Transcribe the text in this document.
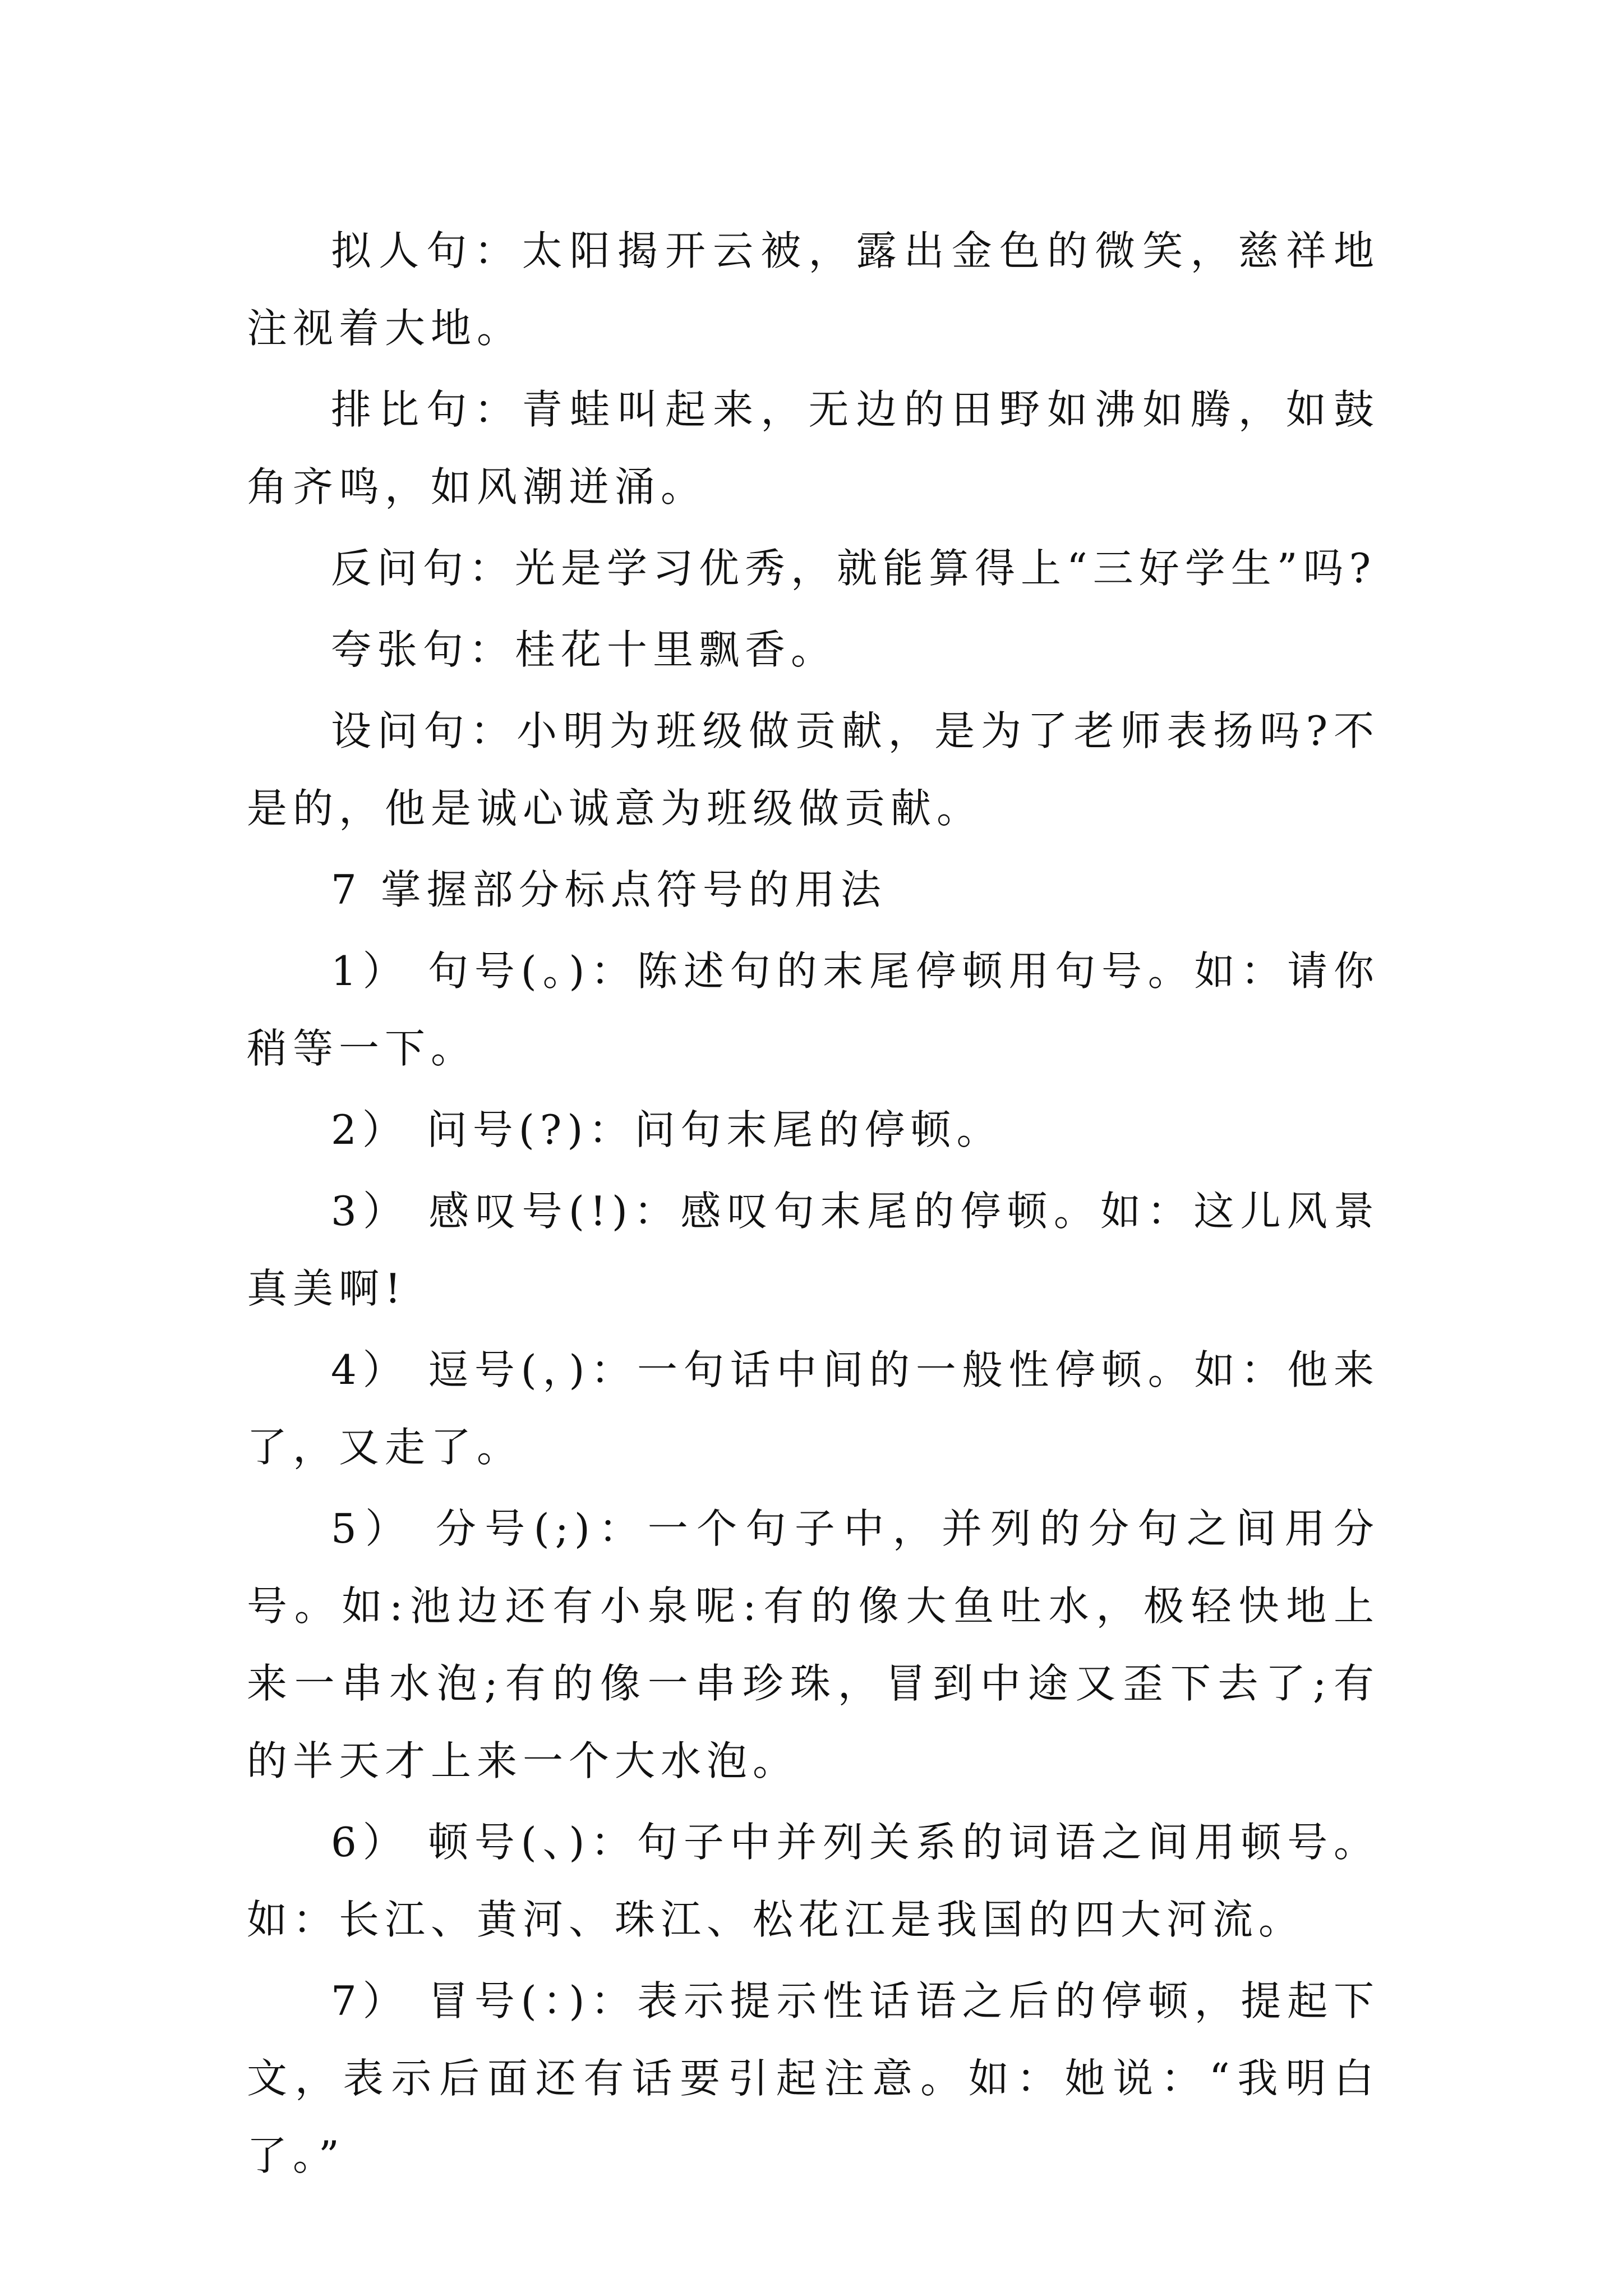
拟人句：太阳揭开云被，露出金色的微笑，慈祥地注视着大地。

排比句：青蛙叫起来，无边的田野如沸如腾，如鼓角齐鸣，如风潮迸涌。

反问句：光是学习优秀，就能算得上“三好学生”吗?

夸张句：桂花十里飘香。

设问句：小明为班级做贡献，是为了老师表扬吗?不是的，他是诚心诚意为班级做贡献。

7 掌握部分标点符号的用法

1） 句号(。)：陈述句的末尾停顿用句号。如：请你稍等一下。

2） 问号(?)：问句末尾的停顿。

3） 感叹号(!)：感叹句末尾的停顿。如：这儿风景真美啊!

4） 逗号(，)：一句话中间的一般性停顿。如：他来了，又走了。

5） 分号(;)：一个句子中，并列的分句之间用分号。如:池边还有小泉呢:有的像大鱼吐水，极轻快地上来一串水泡;有的像一串珍珠，冒到中途又歪下去了;有的半天才上来一个大水泡。

6） 顿号(、)：句子中并列关系的词语之间用顿号。如：长江、黄河、珠江、松花江是我国的四大河流。

7） 冒号(：)：表示提示性话语之后的停顿，提起下文，表示后面还有话要引起注意。如：她说：“我明白了。”
